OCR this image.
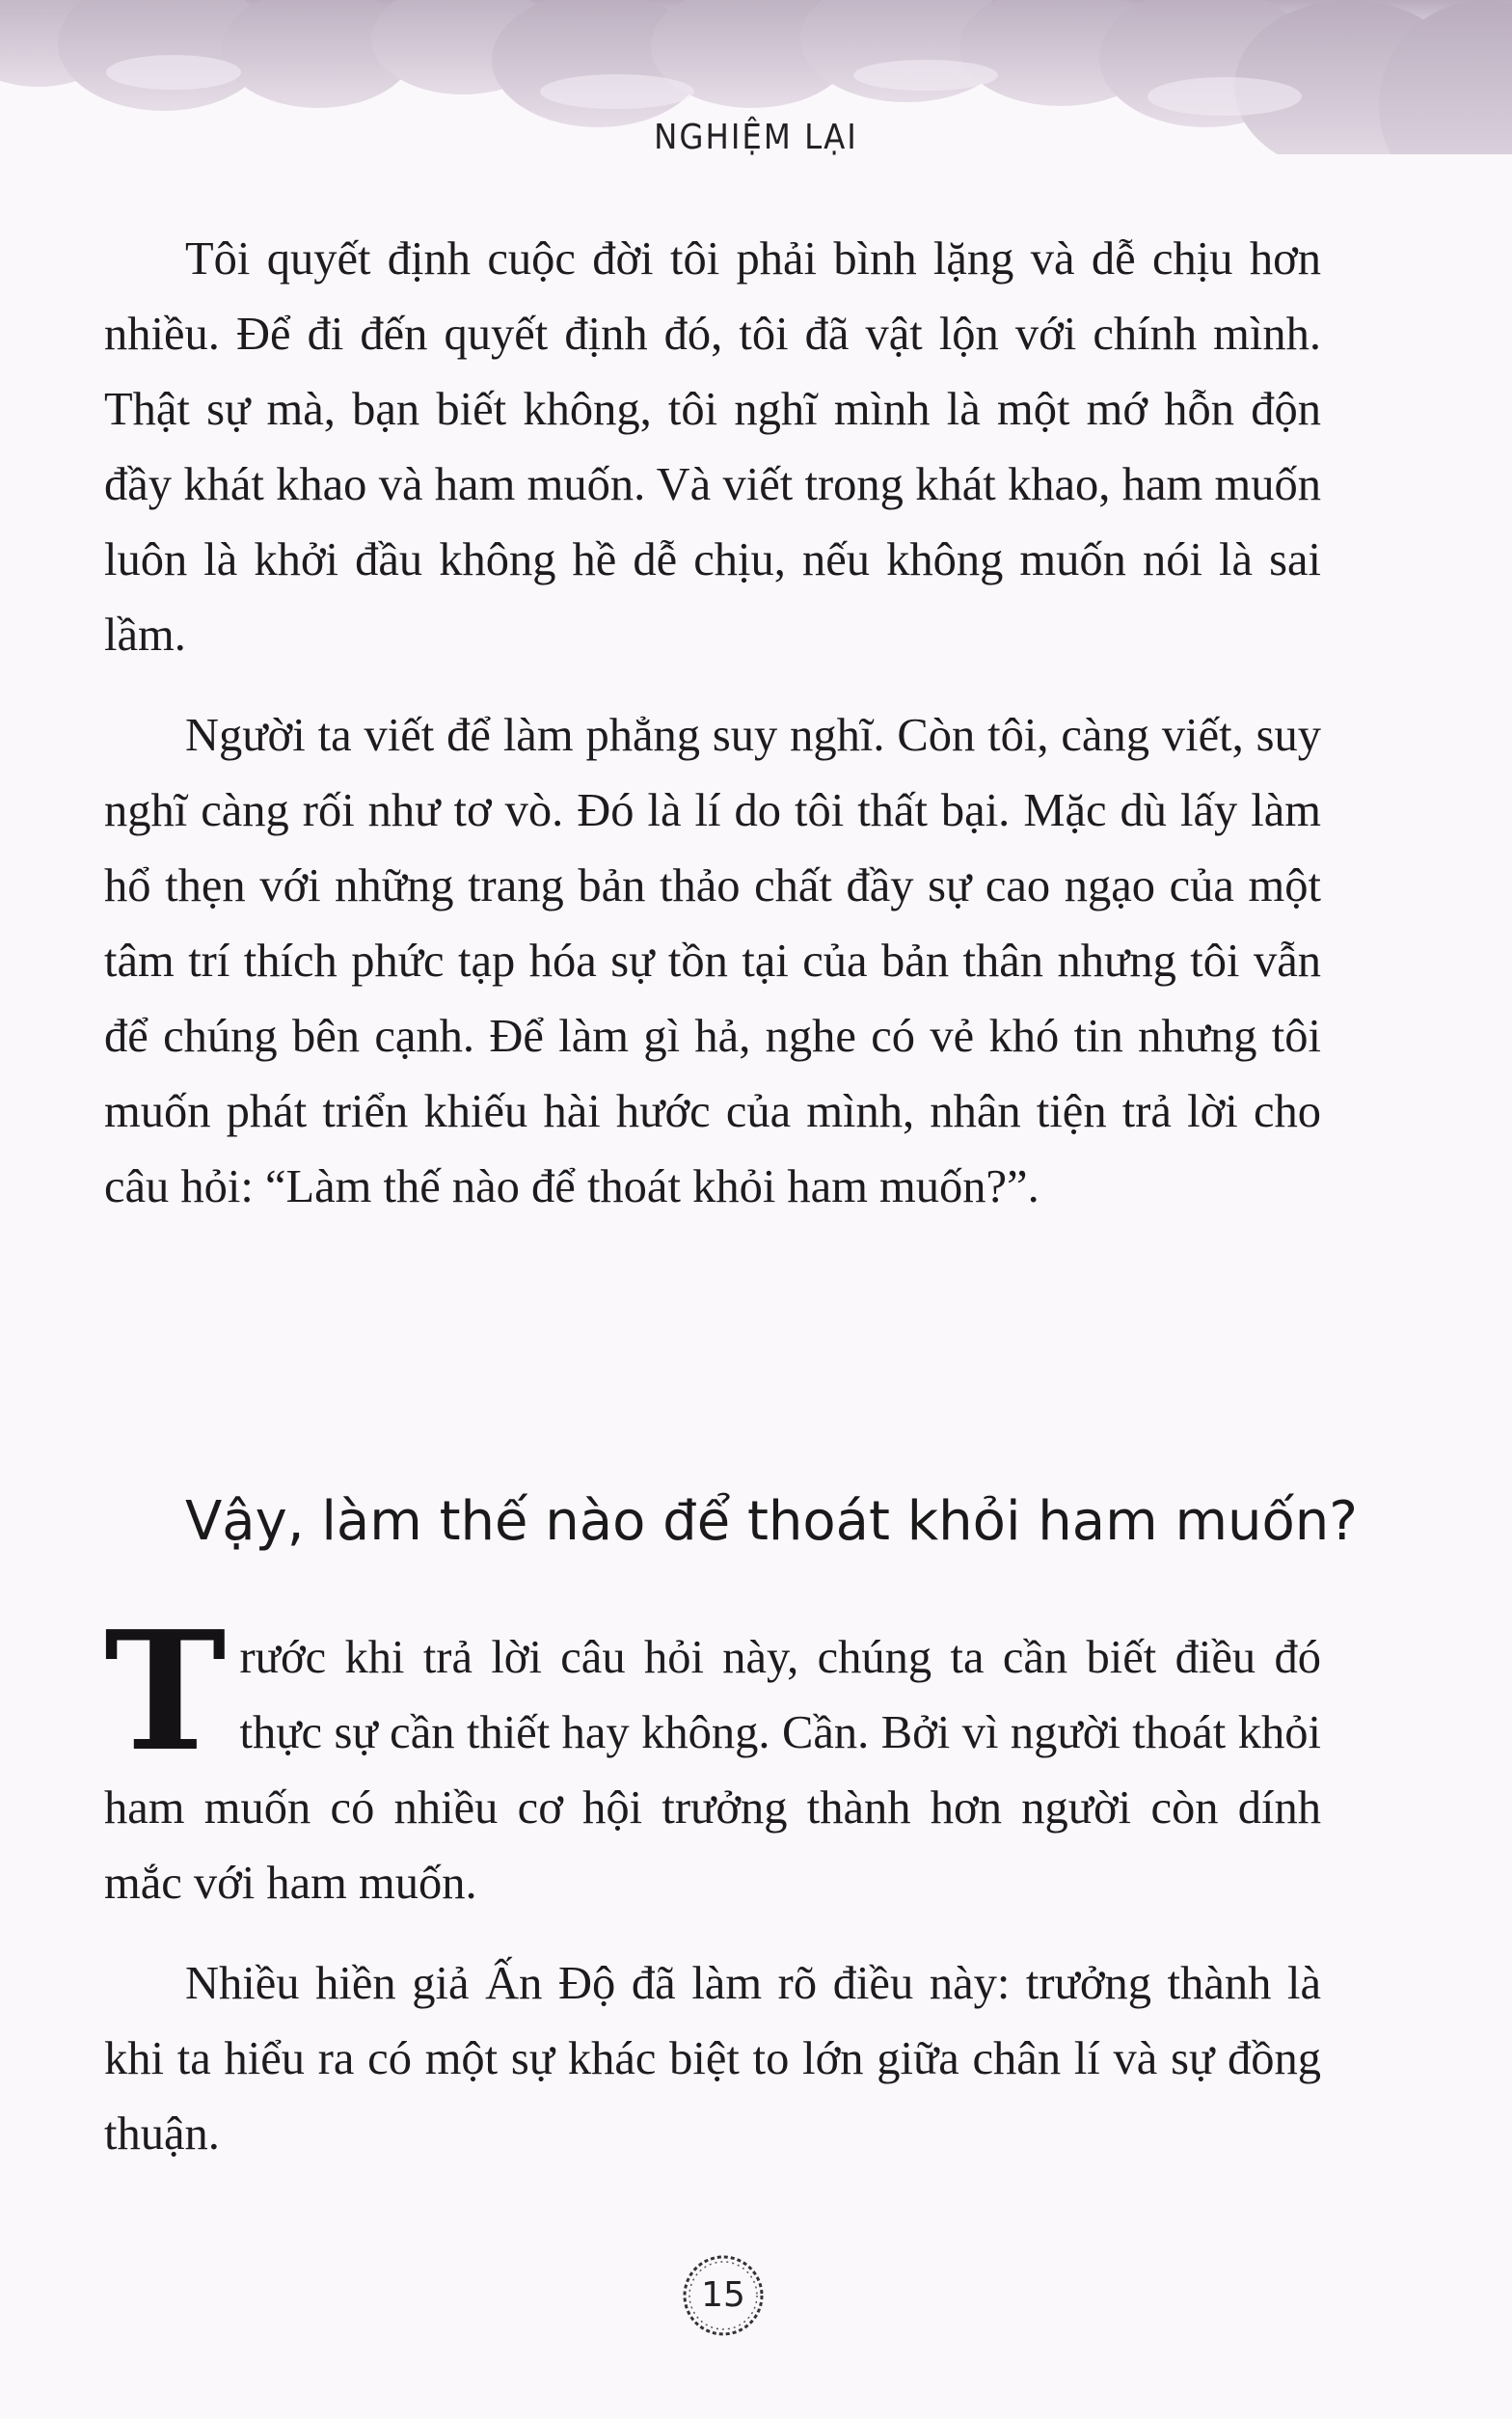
NGHIỆM LẠI

Tôi quyết định cuộc đời tôi phải bình lặng và dễ chịu hơn nhiều. Để đi đến quyết định đó, tôi đã vật lộn với chính mình. Thật sự mà, bạn biết không, tôi nghĩ mình là một mớ hỗn độn đầy khát khao và ham muốn. Và viết trong khát khao, ham muốn luôn là khởi đầu không hề dễ chịu, nếu không muốn nói là sai lầm.

Người ta viết để làm phẳng suy nghĩ. Còn tôi, càng viết, suy nghĩ càng rối như tơ vò. Đó là lí do tôi thất bại. Mặc dù lấy làm hổ thẹn với những trang bản thảo chất đầy sự cao ngạo của một tâm trí thích phức tạp hóa sự tồn tại của bản thân nhưng tôi vẫn để chúng bên cạnh. Để làm gì hả, nghe có vẻ khó tin nhưng tôi muốn phát triển khiếu hài hước của mình, nhân tiện trả lời cho câu hỏi: “Làm thế nào để thoát khỏi ham muốn?”.

Vậy, làm thế nào để thoát khỏi ham muốn?

Trước khi trả lời câu hỏi này, chúng ta cần biết điều đó thực sự cần thiết hay không. Cần. Bởi vì người thoát khỏi ham muốn có nhiều cơ hội trưởng thành hơn người còn dính mắc với ham muốn.

Nhiều hiền giả Ấn Độ đã làm rõ điều này: trưởng thành là khi ta hiểu ra có một sự khác biệt to lớn giữa chân lí và sự đồng thuận.

15
